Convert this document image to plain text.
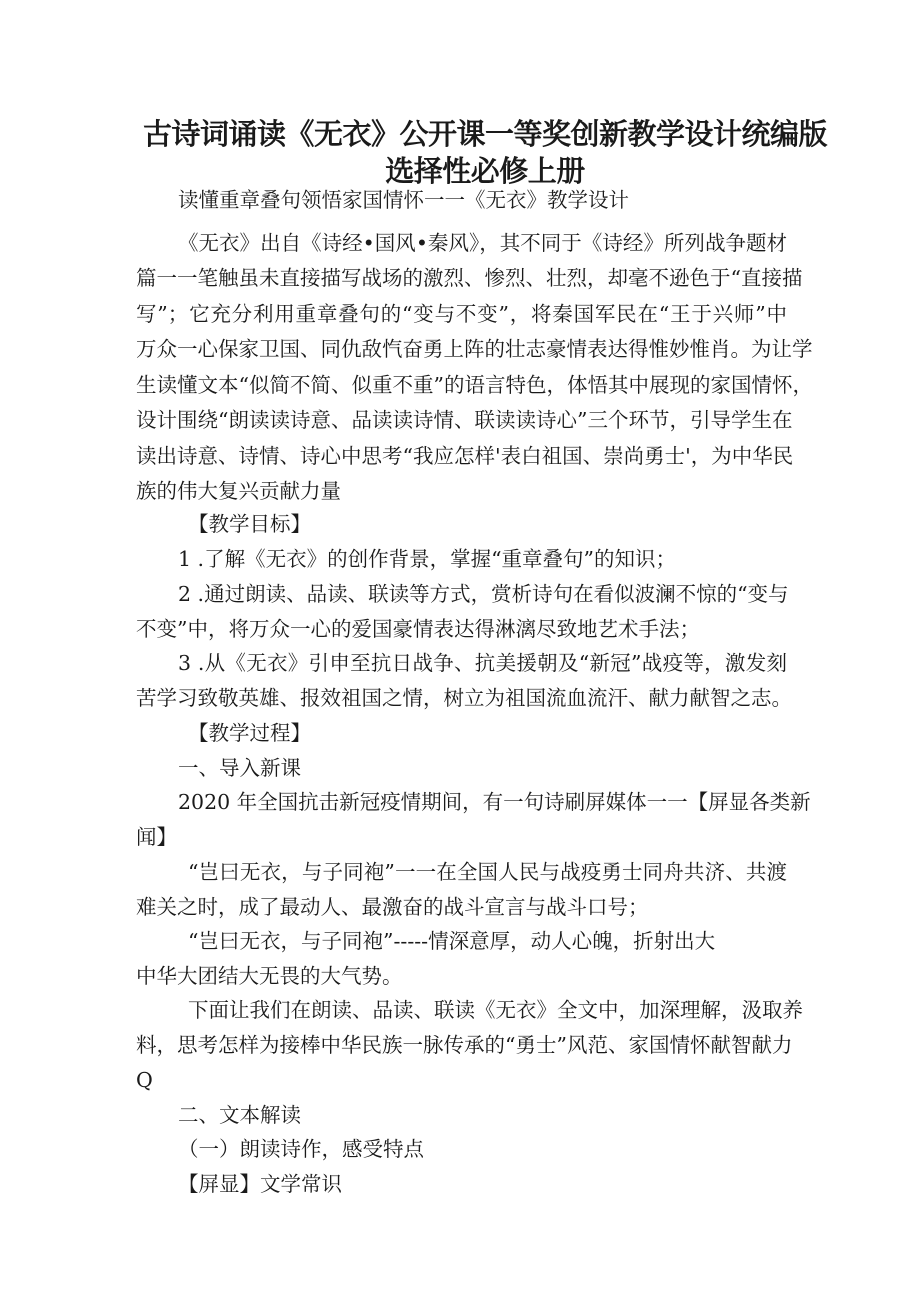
古诗词诵读《无衣》公开课一等奖创新教学设计统编版
选择性必修上册
读懂重章叠句领悟家国情怀一一《无衣》教学设计
《无衣》出自《诗经•国风•秦风》，其不同于《诗经》所列战争题材
篇一一笔触虽未直接描写战场的激烈、惨烈、壮烈，却毫不逊色于“直接描
写”；它充分利用重章叠句的“变与不变”，将秦国军民在“王于兴师”中
万众一心保家卫国、同仇敌忾奋勇上阵的壮志豪情表达得惟妙惟肖。为让学
生读懂文本“似简不简、似重不重”的语言特色，体悟其中展现的家国情怀，
设计围绕“朗读读诗意、品读读诗情、联读读诗心”三个环节，引导学生在
读出诗意、诗情、诗心中思考“我应怎样'表白祖国、崇尚勇士'，为中华民
族的伟大复兴贡献力量
【教学目标】
1 .了解《无衣》的创作背景，掌握“重章叠句”的知识；
2 .通过朗读、品读、联读等方式，赏析诗句在看似波澜不惊的“变与
不变”中，将万众一心的爱国豪情表达得淋漓尽致地艺术手法；
3 .从《无衣》引申至抗日战争、抗美援朝及“新冠”战疫等，激发刻
苦学习致敬英雄、报效祖国之情，树立为祖国流血流汗、献力献智之志。
【教学过程】
一、导入新课
2020 年全国抗击新冠疫情期间，有一句诗刷屏媒体一一【屏显各类新
闻】
“岂曰无衣，与子同袍”一一在全国人民与战疫勇士同舟共济、共渡
难关之时，成了最动人、最激奋的战斗宣言与战斗口号；
“岂曰无衣，与子同袍”-----情深意厚，动人心魄，折射出大
中华大团结大无畏的大气势。
下面让我们在朗读、品读、联读《无衣》全文中，加深理解，汲取养
料，思考怎样为接棒中华民族一脉传承的“勇士”风范、家国情怀献智献力
Q
二、文本解读
（一）朗读诗作，感受特点
【屏显】文学常识
